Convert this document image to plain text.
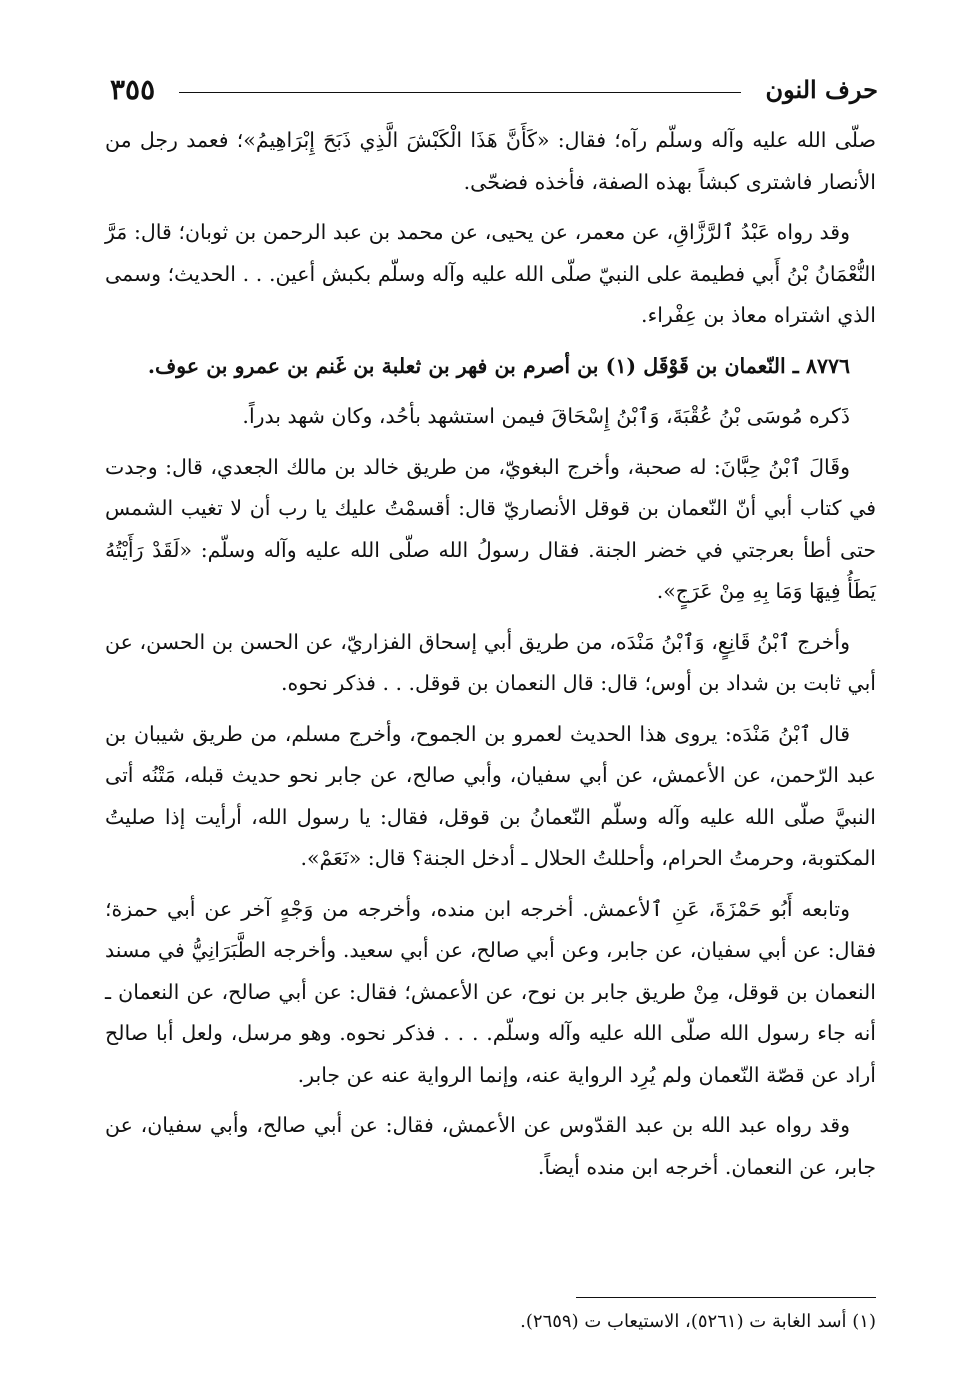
حرف النون
٣٥٥

صلّى الله عليه وآله وسلّم رآه؛ فقال: «كَأَنَّ هَذَا الْكَبْشَ الَّذِي ذَبَحَ إِبْرَاهِيمُ»؛ فعمد رجل من الأنصار فاشترى كبشاً بهذه الصفة، فأخذه فضحّى.

وقد رواه عَبْدُ ٱلرَّزَّاقِ، عن معمر، عن يحيى، عن محمد بن عبد الرحمن بن ثوبان؛ قال: مَرَّ النُّعْمَانُ بْنُ أَبي فطيمة على النبيّ صلّى الله عليه وآله وسلّم بكبش أعين. . . الحديث؛ وسمى الذي اشتراه معاذ بن عِفْراء.

٨٧٧٦ ـ النّعمان بن قَوْقَل (١) بن أصرم بن فهر بن ثعلبة بن غَنم بن عمرو بن عوف.

ذَكره مُوسَى بْنُ عُقْبَةَ، وَٱبْنُ إِسْحَاقَ فيمن استشهد بأحُد، وكان شهد بدراً.

وقَالَ ٱبْنُ حِبَّانَ: له صحبة، وأخرج البغويّ، من طريق خالد بن مالك الجعدي، قال: وجدت في كتاب أبي أنّ النّعمان بن قوقل الأنصاريّ قال: أقسمْتُ عليك يا رب أن لا تغيب الشمس حتى أطأ بعرجتي في خضر الجنة. فقال رسولُ الله صلّى الله عليه وآله وسلّم: «لَقَدْ رَأَيْتُهُ يَطَأُ فِيهَا وَمَا بِهِ مِنْ عَرَجٍ».

وأخرج ٱبْنُ قَانِعٍ، وَٱبْنُ مَنْدَه، من طريق أبي إسحاق الفزاريّ، عن الحسن بن الحسن، عن أبي ثابت بن شداد بن أوس؛ قال: قال النعمان بن قوقل. . . فذكر نحوه.

قال ٱبْنُ مَنْدَه: يروى هذا الحديث لعمرو بن الجموح، وأخرج مسلم، من طريق شيبان بن عبد الرّحمن، عن الأعمش، عن أبي سفيان، وأبي صالح، عن جابر نحو حديث قبله، مَتْنُه أتى النبيَّ صلّى الله عليه وآله وسلّم النّعمانُ بن قوقل، فقال: يا رسول الله، أرأيت إذا صليتُ المكتوبة، وحرمتُ الحرام، وأحللتُ الحلال ـ أدخل الجنة؟ قال: «نَعَمْ».

وتابعه أَبُو حَمْزَةَ، عَنِ ٱلأعمش. أخرجه ابن منده، وأخرجه من وَجْهٍ آخر عن أبي حمزة؛ فقال: عن أبي سفيان، عن جابر، وعن أبي صالح، عن أبي سعيد. وأخرجه الطَّبَرَانِيُّ في مسند النعمان بن قوقل، مِنْ طريق جابر بن نوح، عن الأعمش؛ فقال: عن أبي صالح، عن النعمان ـ أنه جاء رسول الله صلّى الله عليه وآله وسلّم. . . . فذكر نحوه. وهو مرسل، ولعل أبا صالح أراد عن قصّة النّعمان ولم يُرِد الرواية عنه، وإنما الرواية عنه عن جابر.

وقد رواه عبد الله بن عبد القدّوس عن الأعمش، فقال: عن أبي صالح، وأبي سفيان، عن جابر، عن النعمان. أخرجه ابن منده أيضاً.

(١) أسد الغابة ت (٥٢٦١)، الاستيعاب ت (٢٦٥٩).
